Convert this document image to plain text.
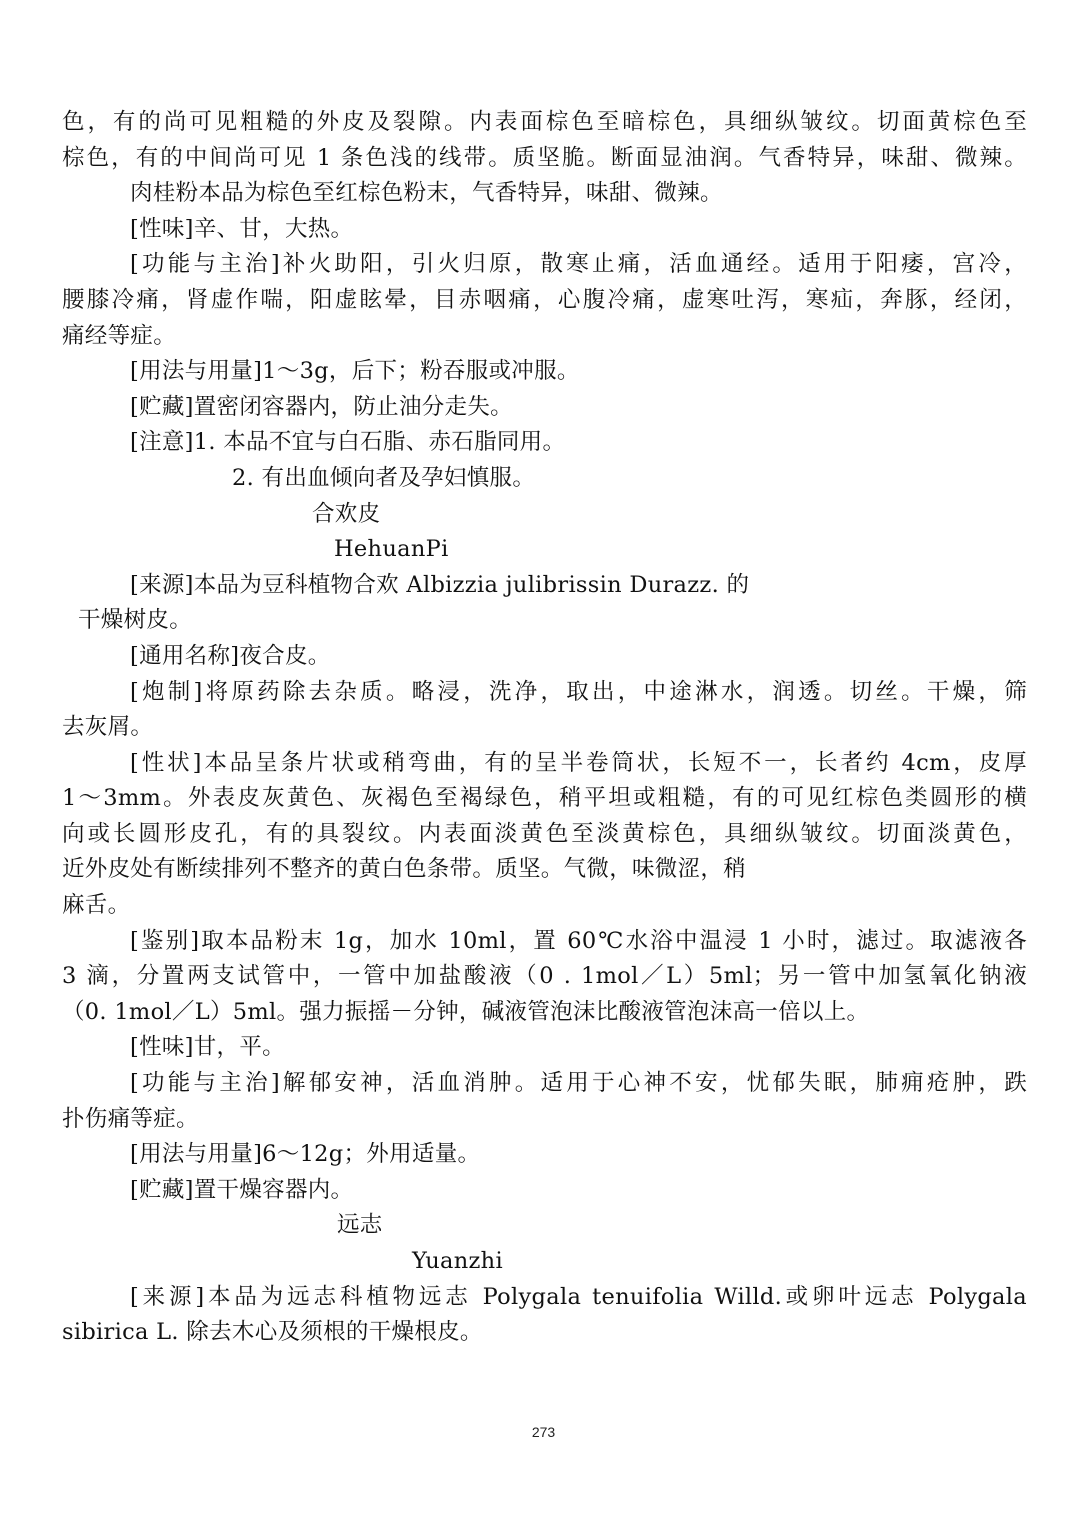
色，有的尚可见粗糙的外皮及裂隙。内表面棕色至暗棕色，具细纵皱纹。切面黄棕色至
棕色，有的中间尚可见 1 条色浅的线带。质坚脆。断面显油润。气香特异，味甜、微辣。
肉桂粉本品为棕色至红棕色粉末，气香特异，味甜、微辣。
[性味]辛、甘，大热。
[功能与主治]补火助阳，引火归原，散寒止痛，活血通经。适用于阳痿，宫冷，
腰膝冷痛，肾虚作喘，阳虚眩晕，目赤咽痛，心腹冷痛，虚寒吐泻，寒疝，奔豚，经闭，
痛经等症。
[用法与用量]1～3g，后下；粉吞服或冲服。
[贮藏]置密闭容器内，防止油分走失。
[注意]1. 本品不宜与白石脂、赤石脂同用。
2. 有出血倾向者及孕妇慎服。
合欢皮
HehuanPi
[来源]本品为豆科植物合欢 Albizzia julibrissin Durazz. 的
干燥树皮。
[通用名称]夜合皮。
[炮制]将原药除去杂质。略浸，洗净，取出，中途淋水，润透。切丝。干燥，筛
去灰屑。
[性状]本品呈条片状或稍弯曲，有的呈半卷筒状，长短不一，长者约 4cm，皮厚
1～3mm。外表皮灰黄色、灰褐色至褐绿色，稍平坦或粗糙，有的可见红棕色类圆形的横
向或长圆形皮孔，有的具裂纹。内表面淡黄色至淡黄棕色，具细纵皱纹。切面淡黄色，
近外皮处有断续排列不整齐的黄白色条带。质坚。气微，味微涩，稍
麻舌。
[鉴别]取本品粉末 1g，加水 10ml，置 60℃水浴中温浸 1 小时，滤过。取滤液各
3 滴，分置两支试管中，一管中加盐酸液（0 . 1mol／L）5ml；另一管中加氢氧化钠液
（0. 1mol／L）5ml。强力振摇－分钟，碱液管泡沫比酸液管泡沫高一倍以上。
[性味]甘，平。
[功能与主治]解郁安神，活血消肿。适用于心神不安，忧郁失眠，肺痈疮肿，跌
扑伤痛等症。
[用法与用量]6～12g；外用适量。
[贮藏]置干燥容器内。
远志
Yuanzhi
[来源]本品为远志科植物远志 Polygala tenuifolia Willd.或卵叶远志 Polygala
sibirica L. 除去木心及须根的干燥根皮。
273
